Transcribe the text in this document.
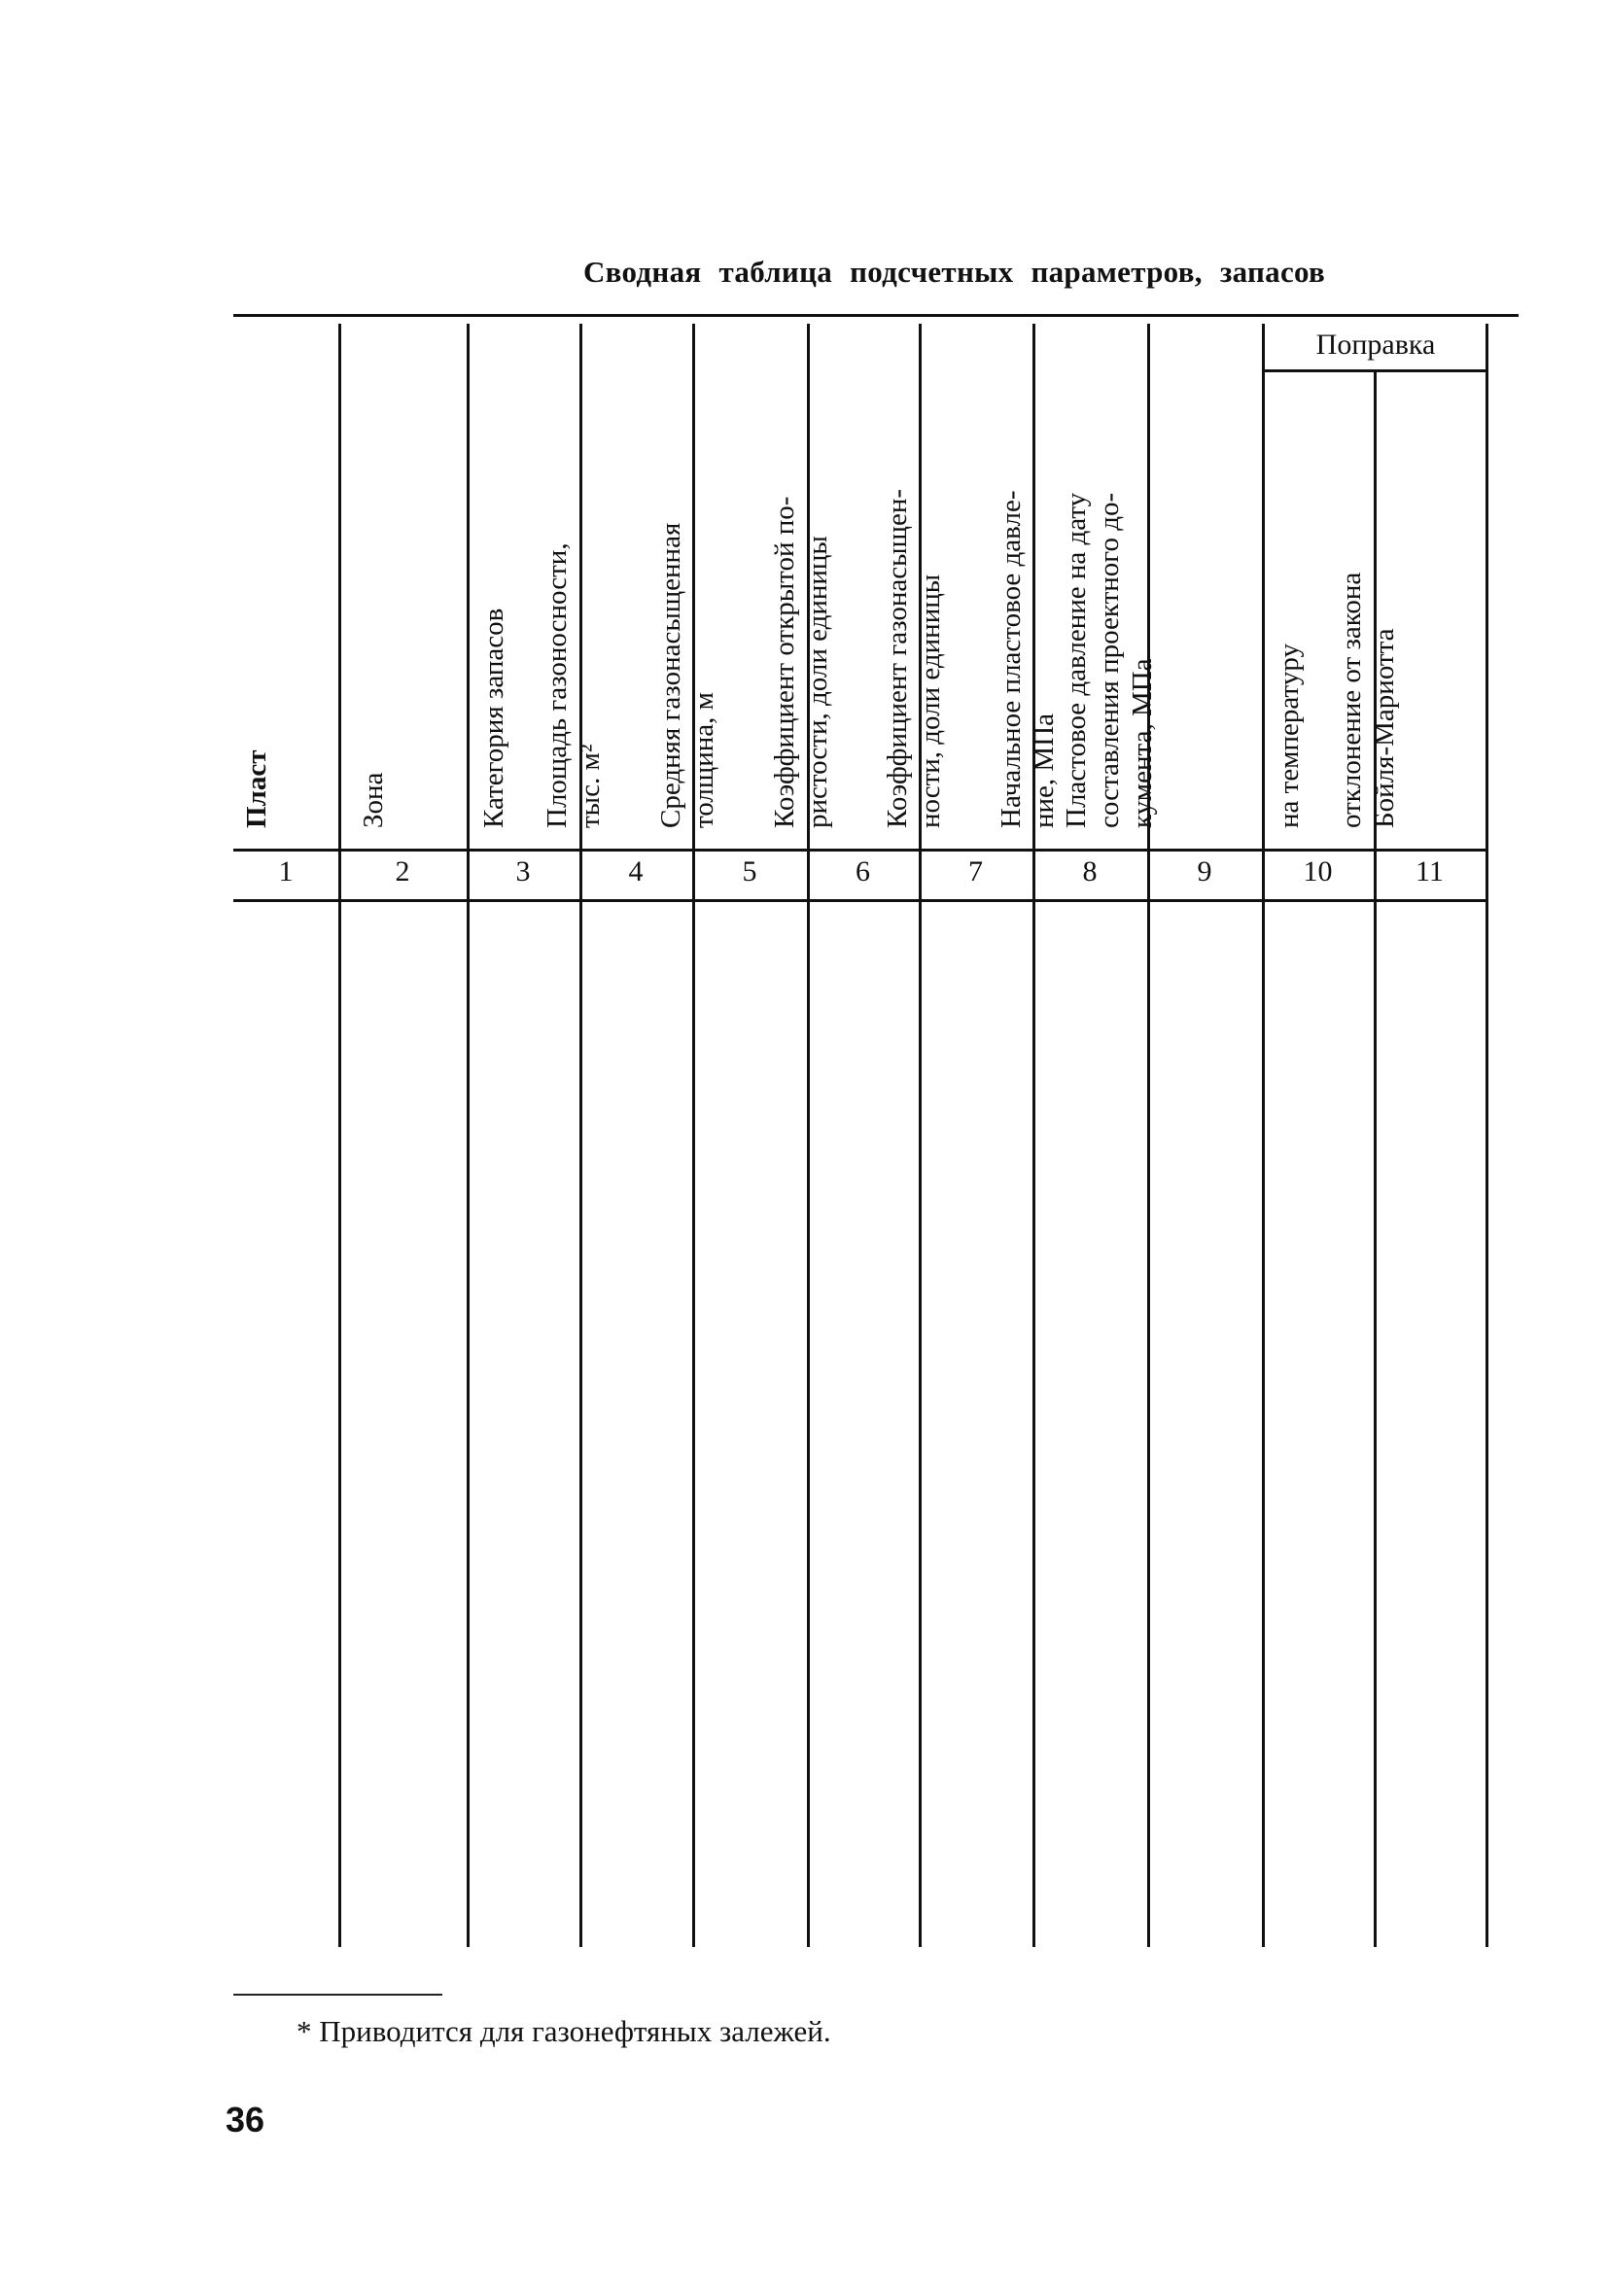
Сводная таблица подсчетных параметров, запасов
Поправка
* Приводится для газонефтяных залежей.
36
Пласт
1
Зона
2
Категория запасов
3
Площадь газоносности, тыс. м²
4
Средняя газонасыщенная толщина, м
5
Коэффициент открытой по- ристости, доли единицы
6
Коэффициент газонасыщен- ности, доли единицы
7
Начальное пластовое давле- ние, МПа
8
Пластовое давление на дату составления проектного до- кумента, МПа
9
на температуру
10
отклонение от закона Бойля-Мариотта
11
